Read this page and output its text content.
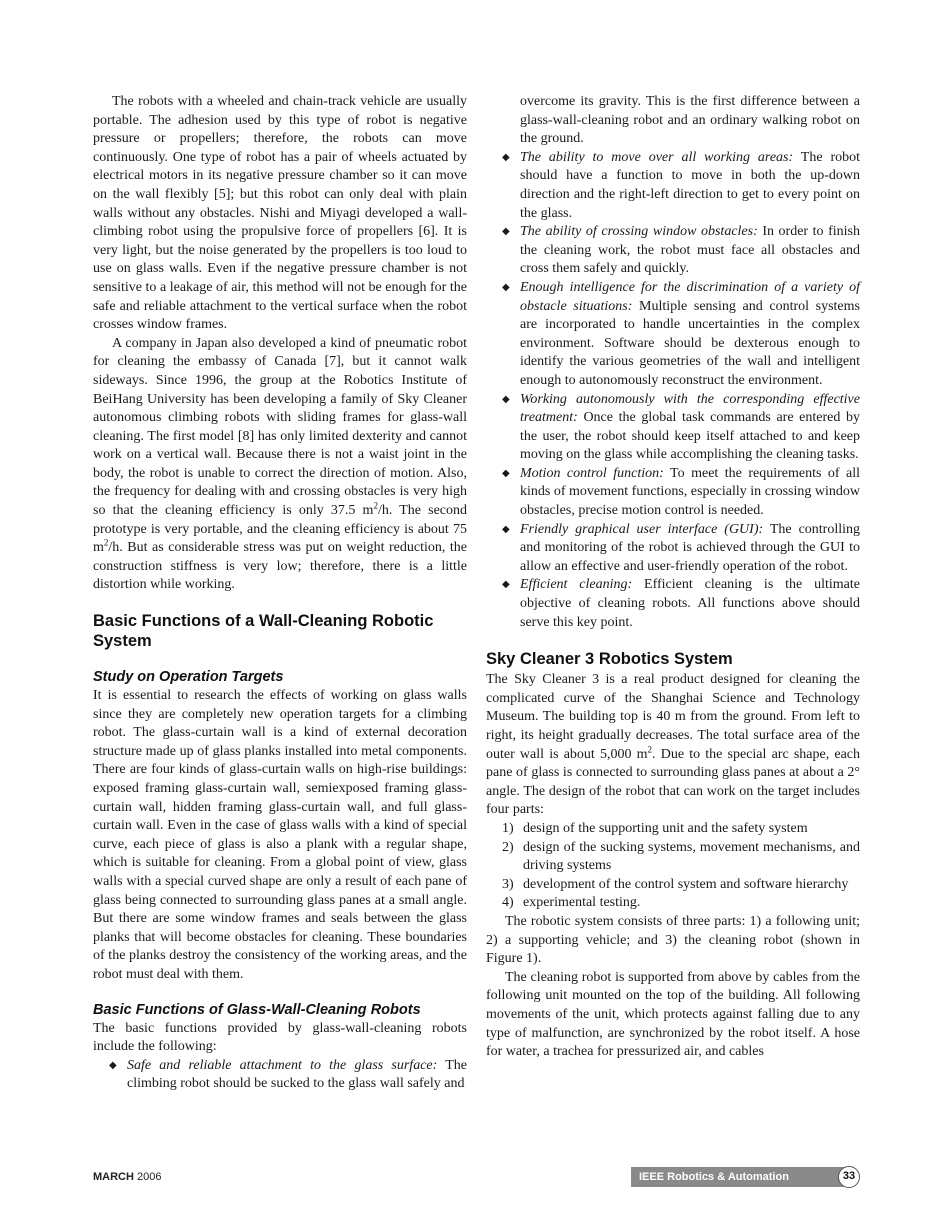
The robots with a wheeled and chain-track vehicle are usually portable. The adhesion used by this type of robot is negative pressure or propellers; therefore, the robots can move continuously. One type of robot has a pair of wheels actuated by electrical motors in its negative pressure chamber so it can move on the wall flexibly [5]; but this robot can only deal with plain walls without any obstacles. Nishi and Miyagi developed a wall-climbing robot using the propulsive force of propellers [6]. It is very light, but the noise generated by the propellers is too loud to use on glass walls. Even if the negative pressure chamber is not sensitive to a leakage of air, this method will not be enough for the safe and reliable attachment to the vertical surface when the robot crosses window frames.

A company in Japan also developed a kind of pneumatic robot for cleaning the embassy of Canada [7], but it cannot walk sideways. Since 1996, the group at the Robotics Institute of BeiHang University has been developing a family of Sky Cleaner autonomous climbing robots with sliding frames for glass-wall cleaning. The first model [8] has only limited dexterity and cannot work on a vertical wall. Because there is not a waist joint in the body, the robot is unable to correct the direction of motion. Also, the frequency for dealing with and crossing obstacles is very high so that the cleaning efficiency is only 37.5 $m^2/h$. The second prototype is very portable, and the cleaning efficiency is about 75 $m^2/h$. But as considerable stress was put on weight reduction, the construction stiffness is very low; therefore, there is a little distortion while working.

Basic Functions of a Wall-Cleaning Robotic System
Study on Operation Targets

It is essential to research the effects of working on glass walls since they are completely new operation targets for a climbing robot. The glass-curtain wall is a kind of external decoration structure made up of glass planks installed into metal components. There are four kinds of glass-curtain walls on high-rise buildings: exposed framing glass-curtain wall, semiexposed framing glass-curtain wall, hidden framing glass-curtain wall, and full glass-curtain wall. Even in the case of glass walls with a kind of special curve, each piece of glass is also a plank with a regular shape, which is suitable for cleaning. From a global point of view, glass walls with a special curved shape are only a result of each pane of glass being connected to surrounding glass panes at a small angle. But there are some window frames and seals between the glass planks that will become obstacles for cleaning. These boundaries of the planks destroy the consistency of the working areas, and the robot must deal with them.

Basic Functions of Glass-Wall-Cleaning Robots

The basic functions provided by glass-wall-cleaning robots include the following:

◆ Safe and reliable attachment to the glass surface: The climbing robot should be sucked to the glass wall safely and
overcome its gravity. This is the first difference between a glass-wall-cleaning robot and an ordinary walking robot on the ground.
◆ The ability to move over all working areas: The robot should have a function to move in both the up-down direction and the right-left direction to get to every point on the glass.
◆ The ability of crossing window obstacles: In order to finish the cleaning work, the robot must face all obstacles and cross them safely and quickly.
◆ Enough intelligence for the discrimination of a variety of obstacle situations: Multiple sensing and control systems are incorporated to handle uncertainties in the complex environment. Software should be dexterous enough to identify the various geometries of the wall and intelligent enough to autonomously reconstruct the environment.
◆ Working autonomously with the corresponding effective treatment: Once the global task commands are entered by the user, the robot should keep itself attached to and keep moving on the glass while accomplishing the cleaning tasks.
◆ Motion control function: To meet the requirements of all kinds of movement functions, especially in crossing window obstacles, precise motion control is needed.
◆ Friendly graphical user interface (GUI): The controlling and monitoring of the robot is achieved through the GUI to allow an effective and user-friendly operation of the robot.
◆ Efficient cleaning: Efficient cleaning is the ultimate objective of cleaning robots. All functions above should serve this key point.
Sky Cleaner 3 Robotics System

The Sky Cleaner 3 is a real product designed for cleaning the complicated curve of the Shanghai Science and Technology Museum. The building top is 40 m from the ground. From left to right, its height gradually decreases. The total surface area of the outer wall is about 5,000 $m^2$. Due to the special arc shape, each pane of glass is connected to surrounding glass panes at about a 2° angle. The design of the robot that can work on the target includes four parts:

1) design of the supporting unit and the safety system
2) design of the sucking systems, movement mechanisms, and driving systems
3) development of the control system and software hierarchy
4) experimental testing.

The robotic system consists of three parts: 1) a following unit; 2) a supporting vehicle; and 3) the cleaning robot (shown in Figure 1).

The cleaning robot is supported from above by cables from the following unit mounted on the top of the building. All following movements of the unit, which protects against falling due to any type of malfunction, are synchronized by the robot itself. A hose for water, a trachea for pressurized air, and cables

MARCH 2006	IEEE Robotics & Automation Magazine
33
